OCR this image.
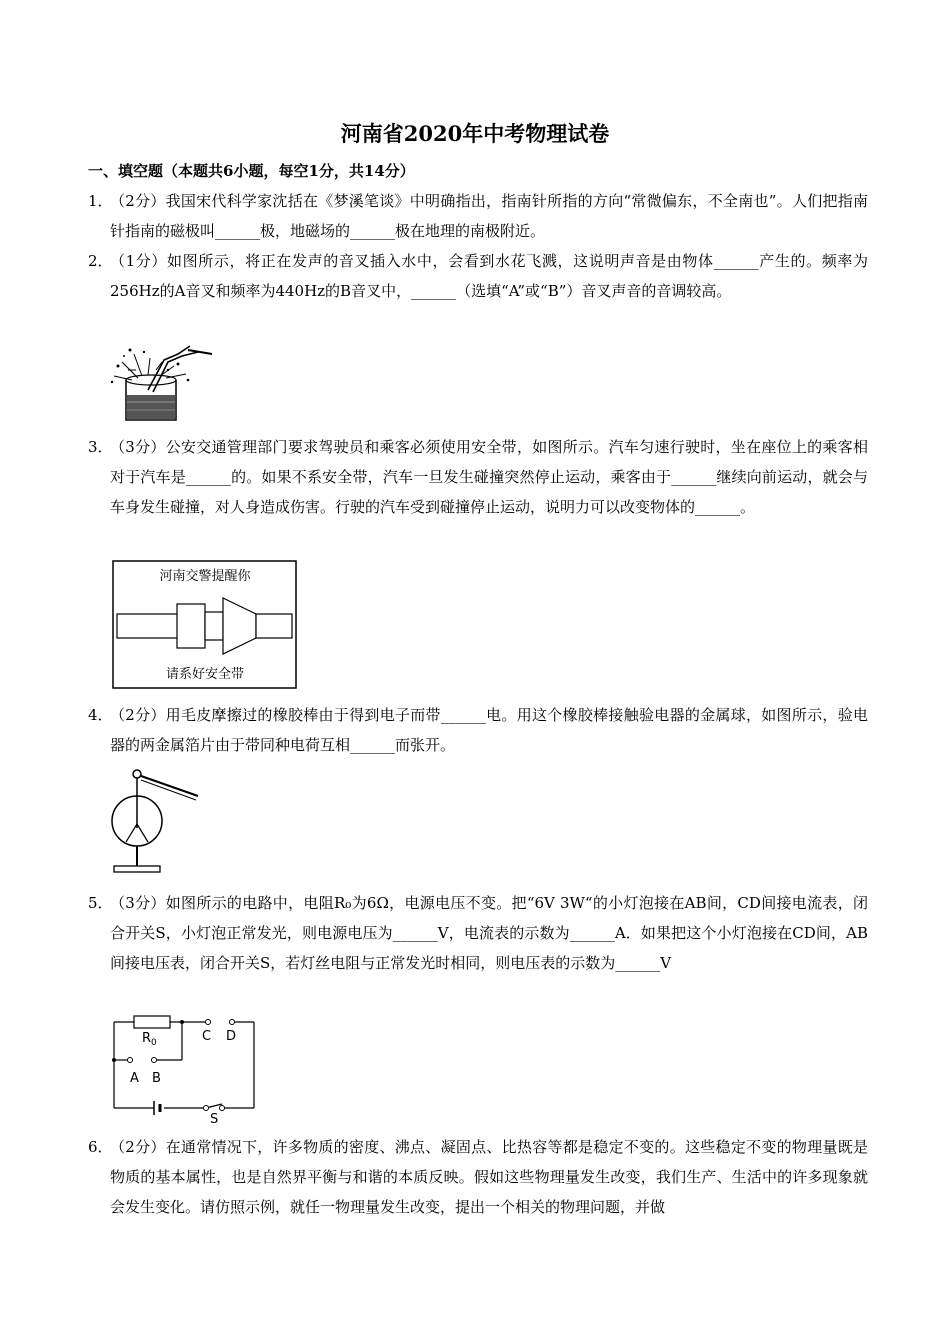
河南省2020年中考物理试卷
一、填空题（本题共6小题，每空1分，共14分）
1．
（2分）我国宋代科学家沈括在《梦溪笔谈》中明确指出，指南针所指的方向“常微偏东，不全南也”。人们把指南针指南的磁极叫______极，地磁场的______极在地理的南极附近。
2．
（1分）如图所示，将正在发声的音叉插入水中，会看到水花飞溅，这说明声音是由物体______产生的。频率为256Hz的A音叉和频率为440Hz的B音叉中，______（选填“A”或“B”）音叉声音的音调较高。
3．
（3分）公安交通管理部门要求驾驶员和乘客必须使用安全带，如图所示。汽车匀速行驶时，坐在座位上的乘客相对于汽车是______的。如果不系安全带，汽车一旦发生碰撞突然停止运动，乘客由于______继续向前运动，就会与车身发生碰撞，对人身造成伤害。行驶的汽车受到碰撞停止运动，说明力可以改变物体的______。
河南交警提醒你
请系好安全带
4．
（2分）用毛皮摩擦过的橡胶棒由于得到电子而带______电。用这个橡胶棒接触验电器的金属球，如图所示，验电器的两金属箔片由于带同种电荷互相______而张开。
5．
（3分）如图所示的电路中，电阻R₀为6Ω，电源电压不变。把“6V 3W“的小灯泡接在AB间，CD间接电流表，闭合开关S，小灯泡正常发光，则电源电压为______V，电流表的示数为______A．如果把这个小灯泡接在CD间，AB间接电压表，闭合开关S，若灯丝电阻与正常发光时相同，则电压表的示数为______V
$R_0$	C D
A B
S
6．
（2分）在通常情况下，许多物质的密度、沸点、凝固点、比热容等都是稳定不变的。这些稳定不变的物理量既是物质的基本属性，也是自然界平衡与和谐的本质反映。假如这些物理量发生改变，我们生产、生活中的许多现象就会发生变化。请仿照示例，就任一物理量发生改变，提出一个相关的物理问题，并做
